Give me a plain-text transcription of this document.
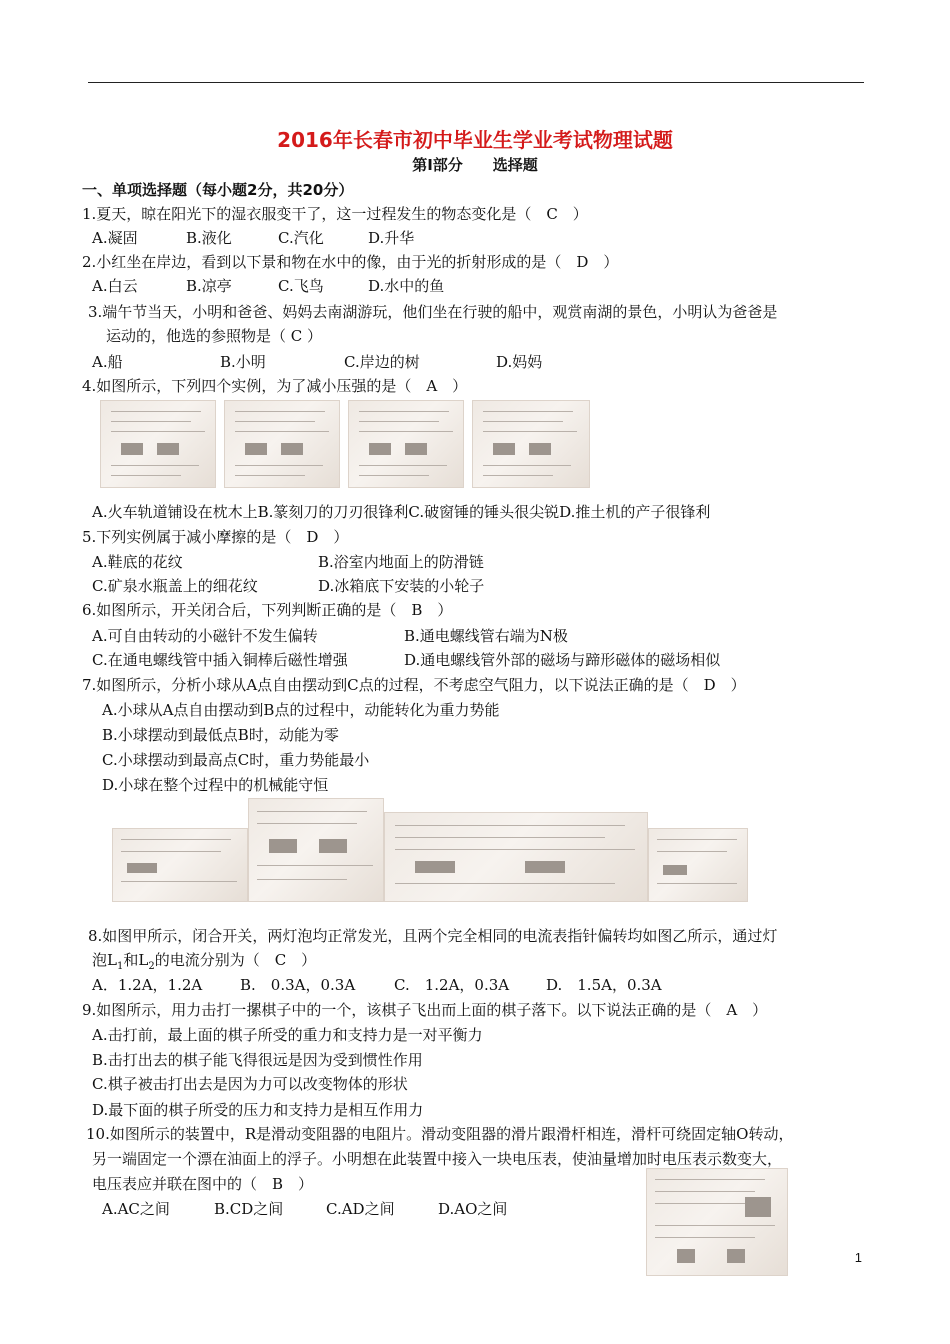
2016年长春市初中毕业生学业考试物理试题
第Ⅰ部分　　选择题
一、单项选择题（每小题2分，共20分）
1.夏天，晾在阳光下的湿衣服变干了，这一过程发生的物态变化是（　C　）
A.凝固	B.液化	C.汽化	D.升华
2.小红坐在岸边，看到以下景和物在水中的像，由于光的折射形成的是（　D　）
A.白云	B.凉亭	C.飞鸟	D.水中的鱼
3.端午节当天，小明和爸爸、妈妈去南湖游玩，他们坐在行驶的船中，观赏南湖的景色，小明认为爸爸是
运动的，他选的参照物是（ C ）
A.船	B.小明	C.岸边的树	D.妈妈
4.如图所示，下列四个实例，为了减小压强的是（　A　）
A.火车轨道铺设在枕木上B.篆刻刀的刀刃很锋利C.破窗锤的锤头很尖锐D.推土机的产子很锋利
5.下列实例属于减小摩擦的是（　D　）
A.鞋底的花纹	B.浴室内地面上的防滑链
C.矿泉水瓶盖上的细花纹	D.冰箱底下安装的小轮子
6.如图所示，开关闭合后，下列判断正确的是（　B　）
A.可自由转动的小磁针不发生偏转	B.通电螺线管右端为N极
C.在通电螺线管中插入铜棒后磁性增强	D.通电螺线管外部的磁场与蹄形磁体的磁场相似
7.如图所示，分析小球从A点自由摆动到C点的过程，不考虑空气阻力，以下说法正确的是（　D　）
A.小球从A点自由摆动到B点的过程中，动能转化为重力势能
B.小球摆动到最低点B时，动能为零
C.小球摆动到最高点C时，重力势能最小
D.小球在整个过程中的机械能守恒
8.如图甲所示，闭合开关，两灯泡均正常发光，且两个完全相同的电流表指针偏转均如图乙所示，通过灯
泡$L_1$和$L_2$的电流分别为（　C　）
A．1.2A，1.2A	B.　0.3A，0.3A	C.　1.2A，0.3A D.　1.5A，0.3A
9.如图所示，用力击打一摞棋子中的一个，该棋子飞出而上面的棋子落下。以下说法正确的是（　A　）
A.击打前，最上面的棋子所受的重力和支持力是一对平衡力
B.击打出去的棋子能飞得很远是因为受到惯性作用
C.棋子被击打出去是因为力可以改变物体的形状
D.最下面的棋子所受的压力和支持力是相互作用力
10.如图所示的装置中，R是滑动变阻器的电阻片。滑动变阻器的滑片跟滑杆相连，滑杆可绕固定轴O转动，
另一端固定一个漂在油面上的浮子。小明想在此装置中接入一块电压表，使油量增加时电压表示数变大，
电压表应并联在图中的（　B　）
A.AC之间	B.CD之间	C.AD之间	D.AO之间
1
